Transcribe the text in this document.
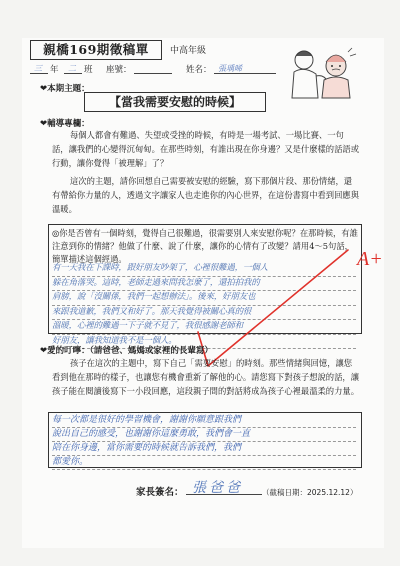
親橋169期徵稿單	中高年級
三 年 二 班 座號：	姓名： 張瑀晞
❤本期主題：
【當我需要安慰的時候】
❤輔導專欄：
每個人都會有難過、失望或受挫的時候，有時是一場考試、一場比賽、一句話，讓我們的心變得沉甸甸。在那些時刻，有誰出現在你身邊？又是什麼樣的話語或行動，讓你覺得「被理解」了？
這次的主題，請你回想自己需要被安慰的經驗，寫下那個片段、那份情緒，還有帶給你力量的人，透過文字讓家人也走進你的內心世界，在這份書寫中看到回應與溫暖。
◎你是否曾有一個時刻，覺得自己很難過，很需要別人來安慰你呢？在那時候，有誰注意到你的情緒？他做了什麼、說了什麼，讓你的心情有了改變？請用4～5句話，簡單描述這個經過。
有一天我在下課時，跟好朋友吵架了，心裡很難過，一個人
躲在角落哭。這時，老師走過來問我怎麼了，還拍拍我的
肩膀，說「沒關係，我們一起想辦法」。後來，好朋友也
來跟我道歉，我們又和好了。那天我覺得被關心真的很
溫暖，心裡的難過一下子就不見了，我很感謝老師和
好朋友，讓我知道我不是一個人。
A+
❤愛的叮嚀：（請爸爸、媽媽或家裡的長輩寫）
孩子在這次的主題中，寫下自己「需要安慰」的時刻。那些情緒與回憶，讓您看到他在那時的樣子，也讓您有機會重新了解他的心。請您寫下對孩子想說的話，讓孩子能在閱讀後寫下一小段回應，這段親子間的對話將成為孩子心裡最溫柔的力量。
每一次都是很好的學習機會，謝謝你願意跟我們
說出自己的感受，也謝謝你這麼勇敢，我們會一直
陪在你身邊，當你需要的時候就告訴我們，我們
都愛你。
家長簽名： 張爸爸	（截稿日期：2025.12.12）
